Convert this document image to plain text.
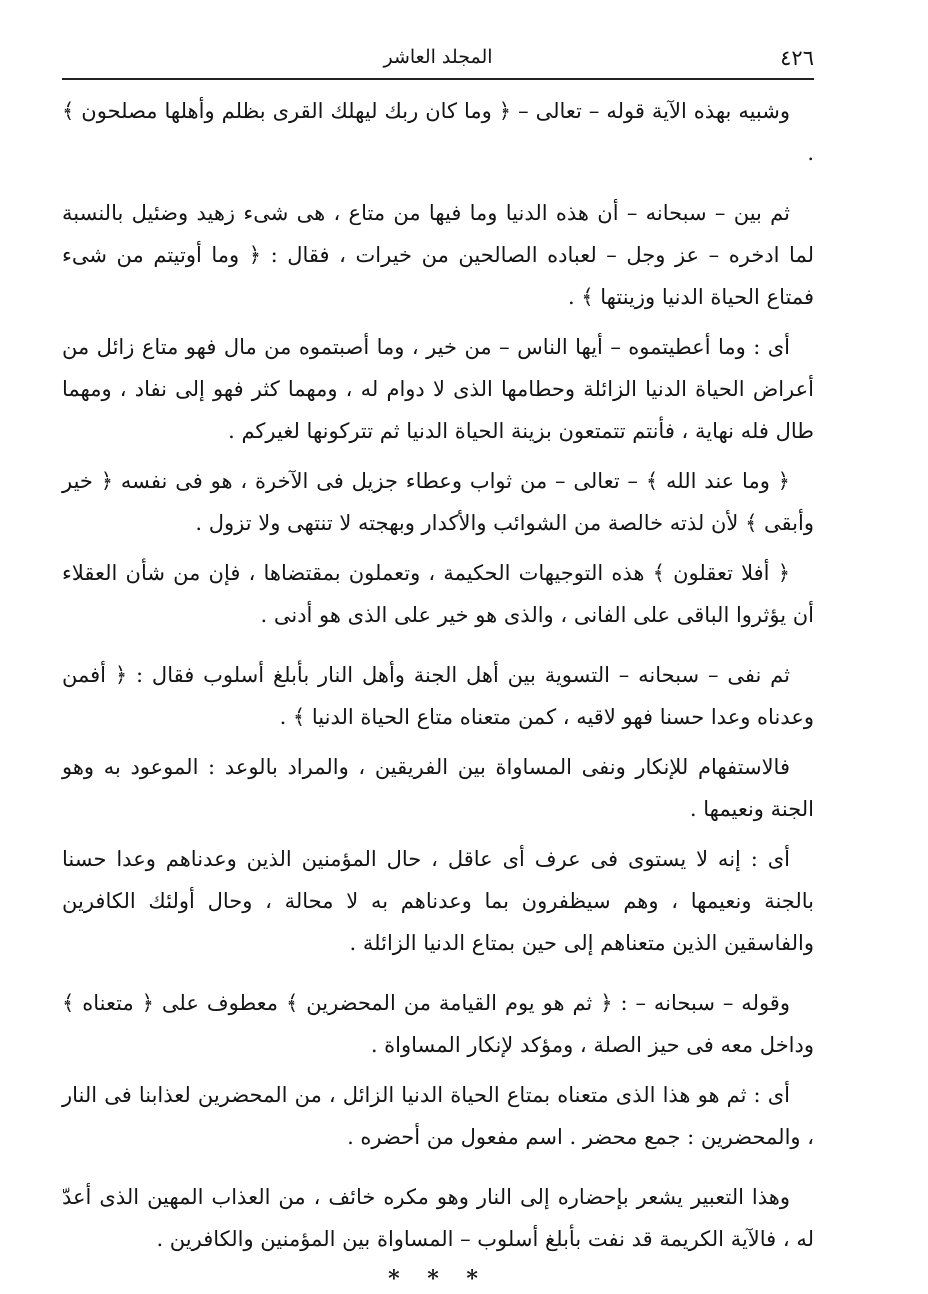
٤٢٦
المجلد العاشر

وشبيه بهذه الآية قوله – تعالى – ﴿ وما كان ربك ليهلك القرى بظلم وأهلها مصلحون ﴾ .

ثم بين – سبحانه – أن هذه الدنيا وما فيها من متاع ، هى شىء زهيد وضئيل بالنسبة لما ادخره – عز وجل – لعباده الصالحين من خيرات ، فقال : ﴿ وما أوتيتم من شىء فمتاع الحياة الدنيا وزينتها ﴾ .

أى : وما أعطيتموه – أيها الناس – من خير ، وما أصبتموه من مال فهو متاع زائل من أعراض الحياة الدنيا الزائلة وحطامها الذى لا دوام له ، ومهما كثر فهو إلى نفاد ، ومهما طال فله نهاية ، فأنتم تتمتعون بزينة الحياة الدنيا ثم تتركونها لغيركم .

﴿ وما عند الله ﴾ – تعالى – من ثواب وعطاء جزيل فى الآخرة ، هو فى نفسه ﴿ خير وأبقى ﴾ لأن لذته خالصة من الشوائب والأكدار وبهجته لا تنتهى ولا تزول .

﴿ أفلا تعقلون ﴾ هذه التوجيهات الحكيمة ، وتعملون بمقتضاها ، فإن من شأن العقلاء أن يؤثروا الباقى على الفانى ، والذى هو خير على الذى هو أدنى .

ثم نفى – سبحانه – التسوية بين أهل الجنة وأهل النار بأبلغ أسلوب فقال : ﴿ أفمن وعدناه وعدا حسنا فهو لاقيه ، كمن متعناه متاع الحياة الدنيا ﴾ .

فالاستفهام للإنكار ونفى المساواة بين الفريقين ، والمراد بالوعد : الموعود به وهو الجنة ونعيمها .

أى : إنه لا يستوى فى عرف أى عاقل ، حال المؤمنين الذين وعدناهم وعدا حسنا بالجنة ونعيمها ، وهم سيظفرون بما وعدناهم به لا محالة ، وحال أولئك الكافرين والفاسقين الذين متعناهم إلى حين بمتاع الدنيا الزائلة .

وقوله – سبحانه – : ﴿ ثم هو يوم القيامة من المحضرين ﴾ معطوف على ﴿ متعناه ﴾ وداخل معه فى حيز الصلة ، ومؤكد لإنكار المساواة .

أى : ثم هو هذا الذى متعناه بمتاع الحياة الدنيا الزائل ، من المحضرين لعذابنا فى النار ، والمحضرين : جمع محضر . اسم مفعول من أحضره .

وهذا التعبير يشعر بإحضاره إلى النار وهو مكره خائف ، من العذاب المهين الذى أعدّ له ، فالآية الكريمة قد نفت بأبلغ أسلوب – المساواة بين المؤمنين والكافرين .

* * *
